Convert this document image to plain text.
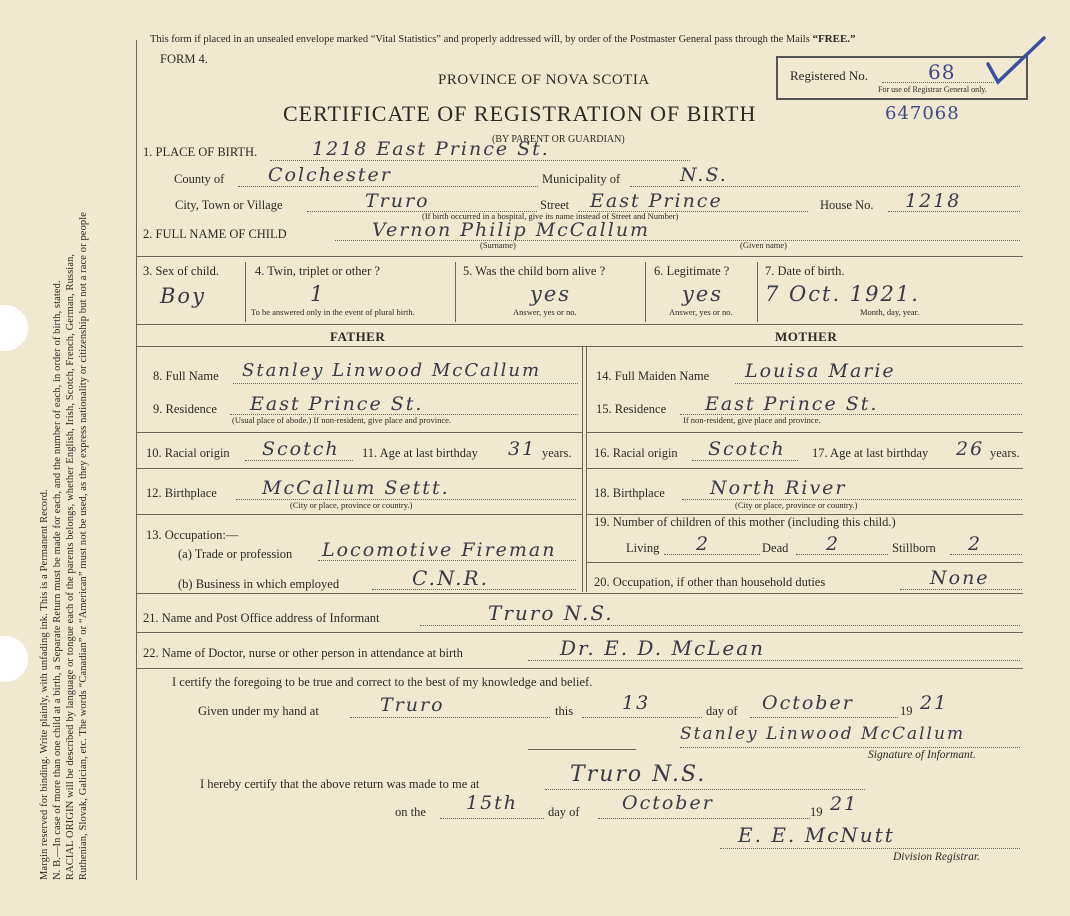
Margin reserved for binding. Write plainly, with unfading ink. This is a Permanent Record. N. B.—In case of more than one child at a birth, a Separate Return must be made for each, and the number of each, in order of birth, stated. RACIAL ORIGIN will be described by language or tongue each of the parents belongs, whether English, Irish, Scotch, French, German, Russian, Ruthenian, Slovak, Galician, etc. The words “Canadian” or “American” must not be used, as they express nationality or citizenship but not a race or people
This form if placed in an unsealed envelope marked “Vital Statistics” and properly addressed will, by order of the Postmaster General pass through the Mails “FREE.”
FORM 4.
Registered No.	68
For use of Registrar General only.
PROVINCE OF NOVA SCOTIA
CERTIFICATE OF REGISTRATION OF BIRTH	647068
(BY PARENT OR GUARDIAN)
1. PLACE OF BIRTH.	1218 East Prince St.
County of Colchester	Municipality of	N.S.
City, Town or Village	Truro	Street East Prince	House No. 1218
(If birth occurred in a hospital, give its name instead of Street and Number)
2. FULL NAME OF CHILD	Vernon Philip McCallum
(Surname)	(Given name)
3. Sex of child.
Boy
4. Twin, triplet or other ?
1
To be answered only in the event of plural birth.
5. Was the child born alive ?
yes
Answer, yes or no.
6. Legitimate ?
yes
Answer, yes or no.
7. Date of birth.
7 Oct. 1921.
Month, day, year.
FATHER	MOTHER
8. Full Name Stanley Linwood McCallum
9. Residence East Prince St.
(Usual place of abode.) If non-resident, give place and province.
10. Racial origin Scotch 11. Age at last birthday 31 years.
12. Birthplace McCallum Settt.
(City or place, province or country.)
13. Occupation:—
(a) Trade or profession Locomotive Fireman
(b) Business in which employed	C.N.R.
14. Full Maiden Name Louisa Marie
15. Residence East Prince St.
If non-resident, give place and province.
16. Racial origin Scotch 17. Age at last birthday 26 years.
18. Birthplace North River
(City or place, province or country.)
19. Number of children of this mother (including this child.)
Living 2	Dead 2	Stillborn 2
20. Occupation, if other than household duties	None
21. Name and Post Office address of Informant	Truro N.S.
22. Name of Doctor, nurse or other person in attendance at birth	Dr. E. D. McLean
I certify the foregoing to be true and correct to the best of my knowledge and belief.
Given under my hand at	Truro	this	13	day of October	19 21
Stanley Linwood McCallum
Signature of Informant.
I hereby certify that the above return was made to me at	Truro N.S.
on the 15th day of October	19 21
E. E. McNutt
Division Registrar.
